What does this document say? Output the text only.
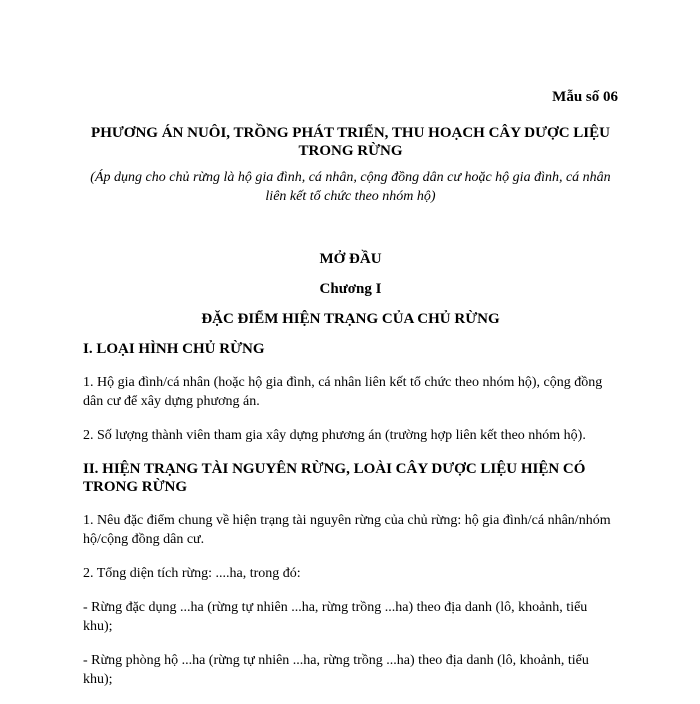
Mẫu số 06
PHƯƠNG ÁN NUÔI, TRỒNG PHÁT TRIỂN, THU HOẠCH CÂY DƯỢC LIỆU TRONG RỪNG
(Áp dụng cho chủ rừng là hộ gia đình, cá nhân, cộng đồng dân cư hoặc hộ gia đình, cá nhân liên kết tổ chức theo nhóm hộ)
MỞ ĐẦU
Chương I
ĐẶC ĐIỂM HIỆN TRẠNG CỦA CHỦ RỪNG
I. LOẠI HÌNH CHỦ RỪNG

1. Hộ gia đình/cá nhân (hoặc hộ gia đình, cá nhân liên kết tổ chức theo nhóm hộ), cộng đồng dân cư để xây dựng phương án.

2. Số lượng thành viên tham gia xây dựng phương án (trường hợp liên kết theo nhóm hộ).

II. HIỆN TRẠNG TÀI NGUYÊN RỪNG, LOÀI CÂY DƯỢC LIỆU HIỆN CÓ TRONG RỪNG

1. Nêu đặc điểm chung về hiện trạng tài nguyên rừng của chủ rừng: hộ gia đình/cá nhân/nhóm hộ/cộng đồng dân cư.

2. Tổng diện tích rừng: ....ha, trong đó:

- Rừng đặc dụng ...ha (rừng tự nhiên ...ha, rừng trồng ...ha) theo địa danh (lô, khoảnh, tiểu khu);

- Rừng phòng hộ ...ha (rừng tự nhiên ...ha, rừng trồng ...ha) theo địa danh (lô, khoảnh, tiểu khu);
